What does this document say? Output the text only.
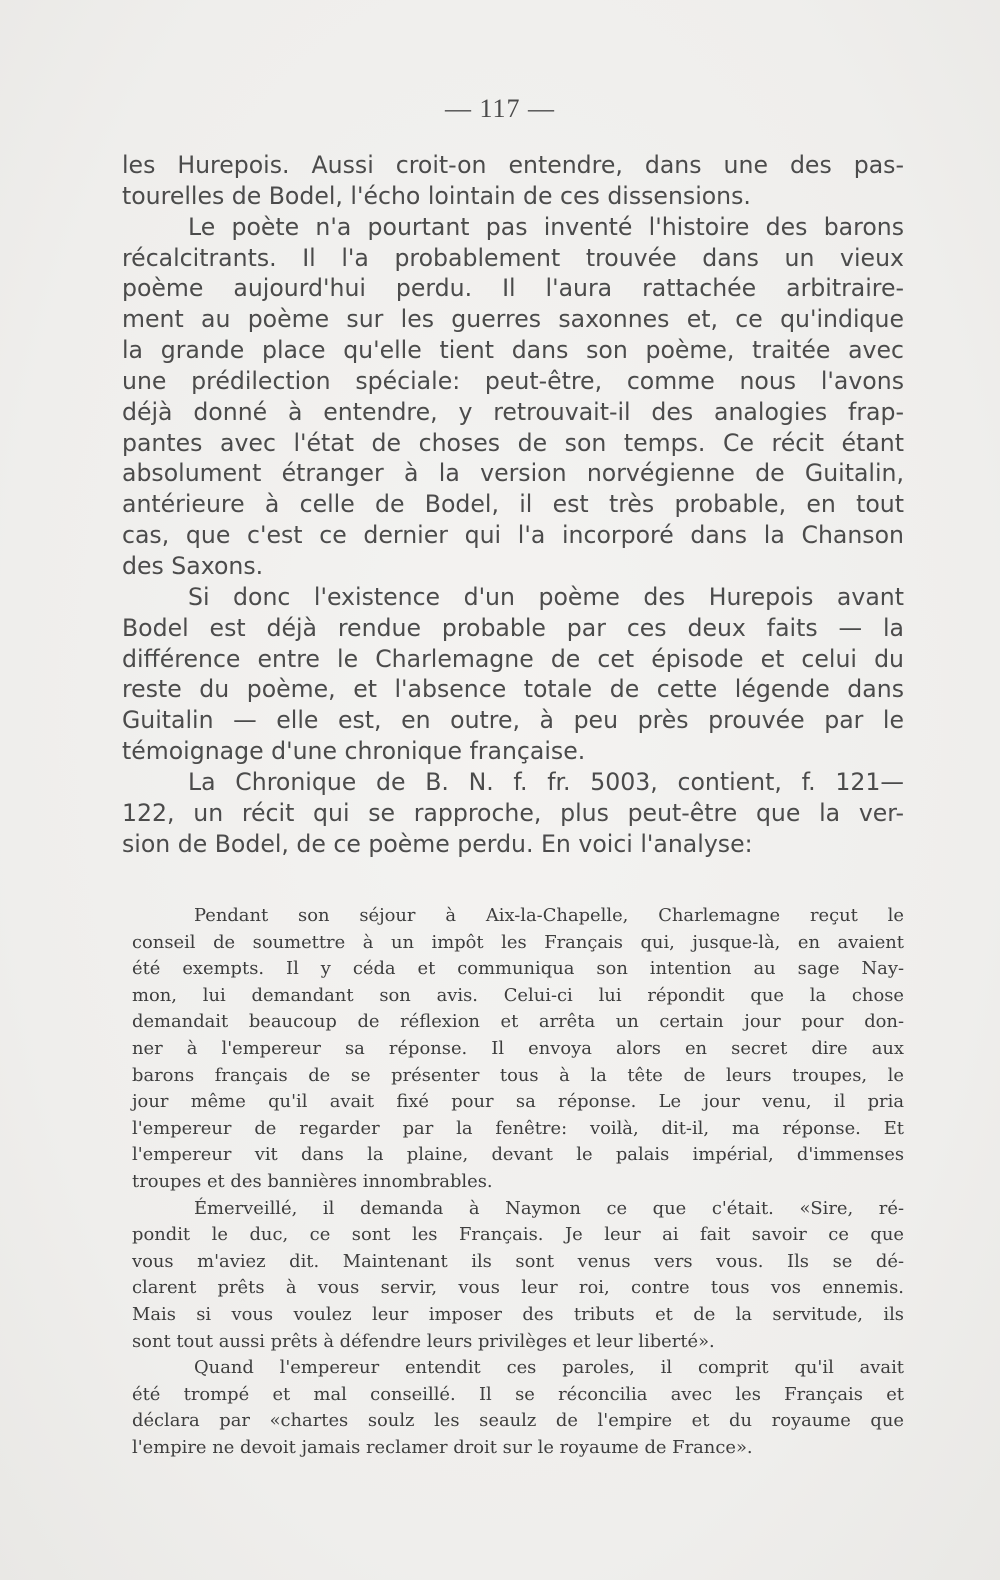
— 117 —
les Hurepois. Aussi croit-on entendre, dans une des pas-
tourelles de Bodel, l'écho lointain de ces dissensions.
Le poète n'a pourtant pas inventé l'histoire des barons
récalcitrants. Il l'a probablement trouvée dans un vieux
poème aujourd'hui perdu. Il l'aura rattachée arbitraire-
ment au poème sur les guerres saxonnes et, ce qu'indique
la grande place qu'elle tient dans son poème, traitée avec
une prédilection spéciale: peut-être, comme nous l'avons
déjà donné à entendre, y retrouvait-il des analogies frap-
pantes avec l'état de choses de son temps. Ce récit étant
absolument étranger à la version norvégienne de Guitalin,
antérieure à celle de Bodel, il est très probable, en tout
cas, que c'est ce dernier qui l'a incorporé dans la Chanson
des Saxons.
Si donc l'existence d'un poème des Hurepois avant
Bodel est déjà rendue probable par ces deux faits — la
différence entre le Charlemagne de cet épisode et celui du
reste du poème, et l'absence totale de cette légende dans
Guitalin — elle est, en outre, à peu près prouvée par le
témoignage d'une chronique française.
La Chronique de B. N. f. fr. 5003, contient, f. 121—
122, un récit qui se rapproche, plus peut-être que la ver-
sion de Bodel, de ce poème perdu. En voici l'analyse:
Pendant son séjour à Aix-la-Chapelle, Charlemagne reçut le
conseil de soumettre à un impôt les Français qui, jusque-là, en avaient
été exempts. Il y céda et communiqua son intention au sage Nay-
mon, lui demandant son avis. Celui-ci lui répondit que la chose
demandait beaucoup de réflexion et arrêta un certain jour pour don-
ner à l'empereur sa réponse. Il envoya alors en secret dire aux
barons français de se présenter tous à la tête de leurs troupes, le
jour même qu'il avait fixé pour sa réponse. Le jour venu, il pria
l'empereur de regarder par la fenêtre: voilà, dit-il, ma réponse. Et
l'empereur vit dans la plaine, devant le palais impérial, d'immenses
troupes et des bannières innombrables.
Émerveillé, il demanda à Naymon ce que c'était. «Sire, ré-
pondit le duc, ce sont les Français. Je leur ai fait savoir ce que
vous m'aviez dit. Maintenant ils sont venus vers vous. Ils se dé-
clarent prêts à vous servir, vous leur roi, contre tous vos ennemis.
Mais si vous voulez leur imposer des tributs et de la servitude, ils
sont tout aussi prêts à défendre leurs privilèges et leur liberté».
Quand l'empereur entendit ces paroles, il comprit qu'il avait
été trompé et mal conseillé. Il se réconcilia avec les Français et
déclara par «chartes soulz les seaulz de l'empire et du royaume que
l'empire ne devoit jamais reclamer droit sur le royaume de France».
